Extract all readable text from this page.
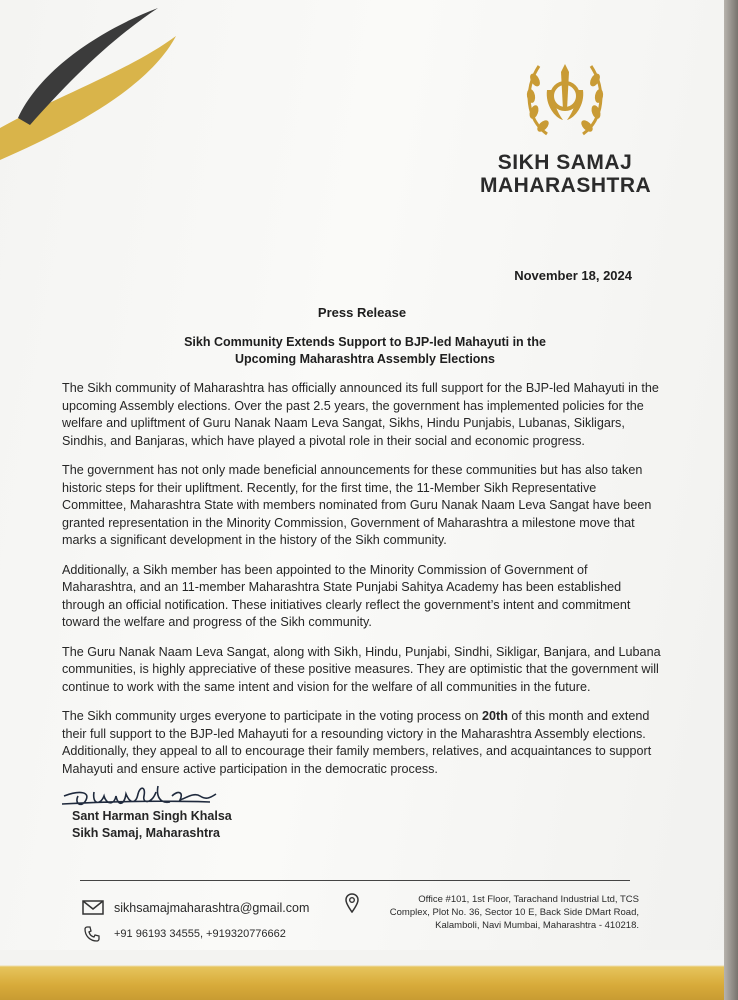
SIKH SAMAJ
MAHARASHTRA
November 18, 2024
Press Release
Sikh Community Extends Support to BJP-led Mahayuti in the
Upcoming Maharashtra Assembly Elections

The Sikh community of Maharashtra has officially announced its full support for the BJP-led Mahayuti in the upcoming Assembly elections. Over the past 2.5 years, the government has implemented policies for the welfare and upliftment of Guru Nanak Naam Leva Sangat, Sikhs, Hindu Punjabis, Lubanas, Sikligars, Sindhis, and Banjaras, which have played a pivotal role in their social and economic progress.

The government has not only made beneficial announcements for these communities but has also taken historic steps for their upliftment. Recently, for the first time, the 11-Member Sikh Representative Committee, Maharashtra State with members nominated from Guru Nanak Naam Leva Sangat have been granted representation in the Minority Commission, Government of Maharashtra a milestone move that marks a significant development in the history of the Sikh community.

Additionally, a Sikh member has been appointed to the Minority Commission of Government of Maharashtra, and an 11-member Maharashtra State Punjabi Sahitya Academy has been established through an official notification. These initiatives clearly reflect the government’s intent and commitment toward the welfare and progress of the Sikh community.

The Guru Nanak Naam Leva Sangat, along with Sikh, Hindu, Punjabi, Sindhi, Sikligar, Banjara, and Lubana communities, is highly appreciative of these positive measures. They are optimistic that the government will continue to work with the same intent and vision for the welfare of all communities in the future.

The Sikh community urges everyone to participate in the voting process on 20th of this month and extend their full support to the BJP-led Mahayuti for a resounding victory in the Maharashtra Assembly elections. Additionally, they appeal to all to encourage their family members, relatives, and acquaintances to support Mahayuti and ensure active participation in the democratic process.

Sant Harman Singh Khalsa
Sikh Samaj, Maharashtra
sikhsamajmaharashtra@gmail.com
+91 96193 34555, +919320776662
Office #101, 1st Floor, Tarachand Industrial Ltd, TCS
Complex, Plot No. 36, Sector 10 E, Back Side DMart Road,
Kalamboli, Navi Mumbai, Maharashtra - 410218.
